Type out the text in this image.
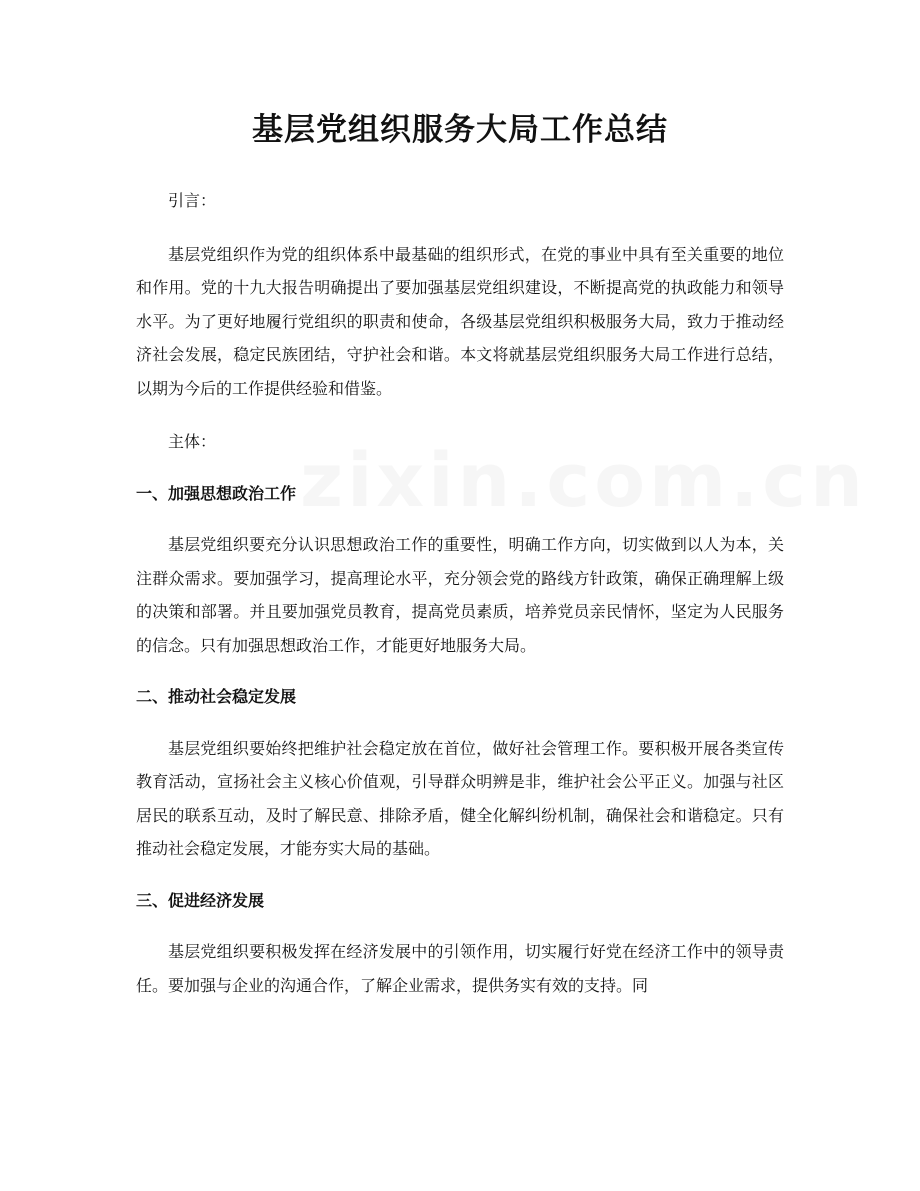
zixin.com.cn
基层党组织服务大局工作总结

引言：

基层党组织作为党的组织体系中最基础的组织形式，在党的事业中具有至关重要的地位和作用。党的十九大报告明确提出了要加强基层党组织建设，不断提高党的执政能力和领导水平。为了更好地履行党组织的职责和使命，各级基层党组织积极服务大局，致力于推动经济社会发展，稳定民族团结，守护社会和谐。本文将就基层党组织服务大局工作进行总结，以期为今后的工作提供经验和借鉴。

主体：

一、加强思想政治工作

基层党组织要充分认识思想政治工作的重要性，明确工作方向，切实做到以人为本，关注群众需求。要加强学习，提高理论水平，充分领会党的路线方针政策，确保正确理解上级的决策和部署。并且要加强党员教育，提高党员素质，培养党员亲民情怀，坚定为人民服务的信念。只有加强思想政治工作，才能更好地服务大局。

二、推动社会稳定发展

基层党组织要始终把维护社会稳定放在首位，做好社会管理工作。要积极开展各类宣传教育活动，宣扬社会主义核心价值观，引导群众明辨是非，维护社会公平正义。加强与社区居民的联系互动，及时了解民意、排除矛盾，健全化解纠纷机制，确保社会和谐稳定。只有推动社会稳定发展，才能夯实大局的基础。

三、促进经济发展

基层党组织要积极发挥在经济发展中的引领作用，切实履行好党在经济工作中的领导责任。要加强与企业的沟通合作，了解企业需求，提供务实有效的支持。同
